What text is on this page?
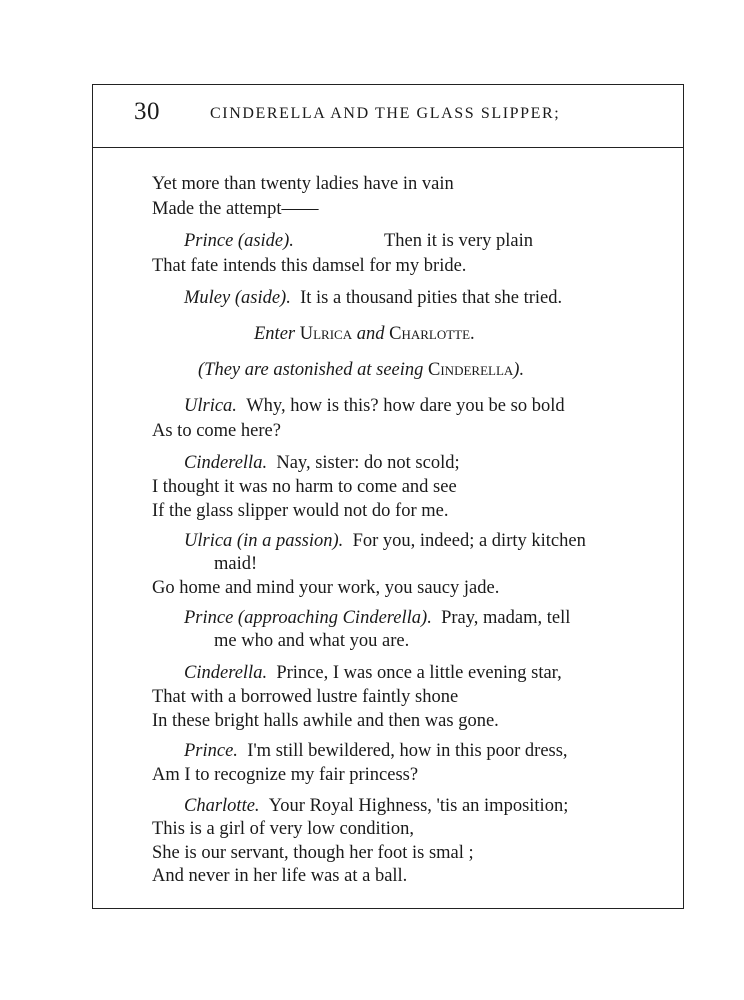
30	CINDERELLA AND THE GLASS SLIPPER;
Yet more than twenty ladies have in vain
Made the attempt——
Prince (aside).	Then it is very plain
That fate intends this damsel for my bride.
Muley (aside). It is a thousand pities that she tried.
Enter Ulrica and Charlotte.
(They are astonished at seeing Cinderella).
Ulrica. Why, how is this? how dare you be so bold
As to come here?
Cinderella. Nay, sister: do not scold;
I thought it was no harm to come and see
If the glass slipper would not do for me.
Ulrica (in a passion). For you, indeed; a dirty kitchen
maid!
Go home and mind your work, you saucy jade.
Prince (approaching Cinderella). Pray, madam, tell
me who and what you are.
Cinderella. Prince, I was once a little evening star,
That with a borrowed lustre faintly shone
In these bright halls awhile and then was gone.
Prince. I'm still bewildered, how in this poor dress,
Am I to recognize my fair princess?
Charlotte. Your Royal Highness, 'tis an imposition;
This is a girl of very low condition,
She is our servant, though her foot is smal ;
And never in her life was at a ball.
